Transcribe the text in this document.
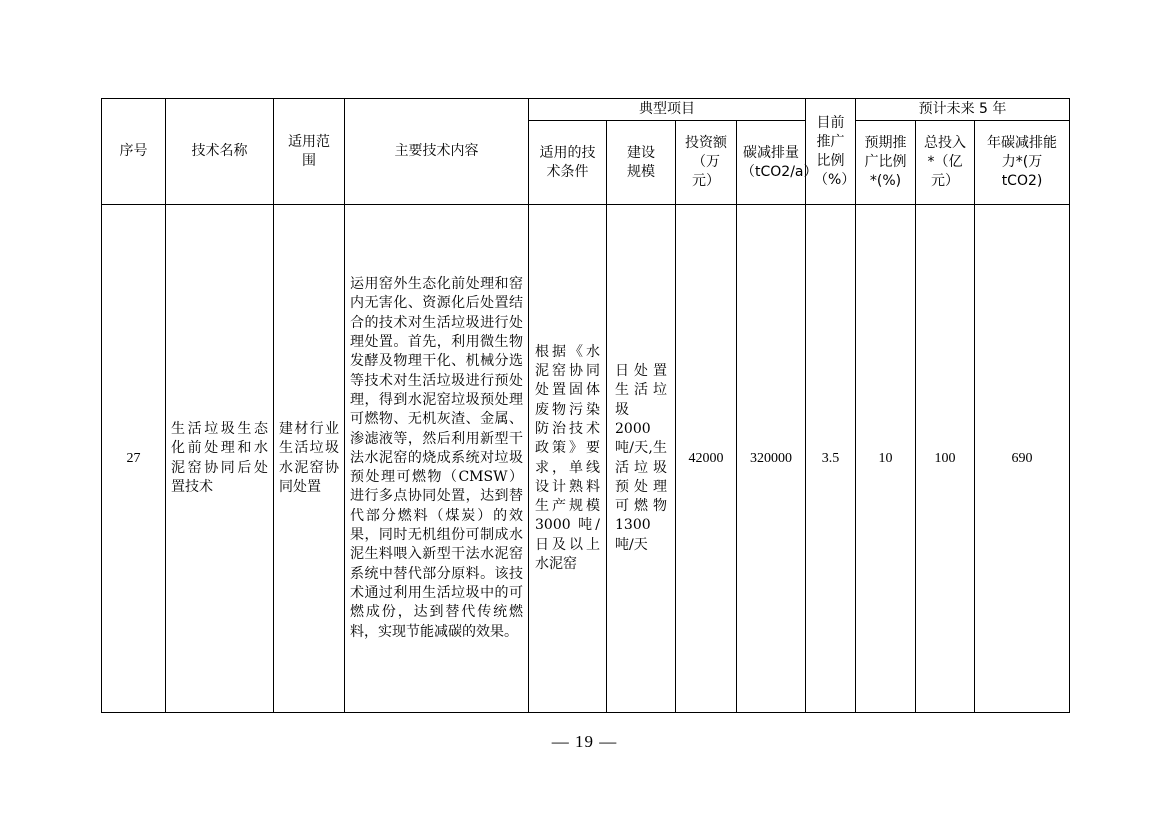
序号	技术名称	适用范围	主要技术内容	典型项目				目前推广比例（%）	预计未来 5 年		

				适用的技术条件	建设规模	投资额（万元）	碳减排量（tCO2/a）		预期推广比例*(%)	总投入*（亿元）	年碳减排能力*(万 tCO2)

27	生活垃圾生态化前处理和水泥窑协同后处置技术	建材行业生活垃圾水泥窑协同处置	运用窑外生态化前处理和窑内无害化、资源化后处置结合的技术对生活垃圾进行处理处置。首先，利用微生物发酵及物理干化、机械分选等技术对生活垃圾进行预处理，得到水泥窑垃圾预处理可燃物、无机灰渣、金属、渗滤液等，然后利用新型干法水泥窑的烧成系统对垃圾预处理可燃物（CMSW）进行多点协同处置，达到替代部分燃料（煤炭）的效果，同时无机组份可制成水泥生料喂入新型干法水泥窑系统中替代部分原料。该技术通过利用生活垃圾中的可燃成份，达到替代传统燃料，实现节能减碳的效果。	根据《水泥窑协同处置固体废物污染防治技术政策》要求，单线设计熟料生产规模 3000 吨/日及以上水泥窑	日处置生活垃圾 2000 吨/天,生活垃圾预处理可燃物 1300 吨/天	42000	320000	3.5	10	100	690
— 19 —
